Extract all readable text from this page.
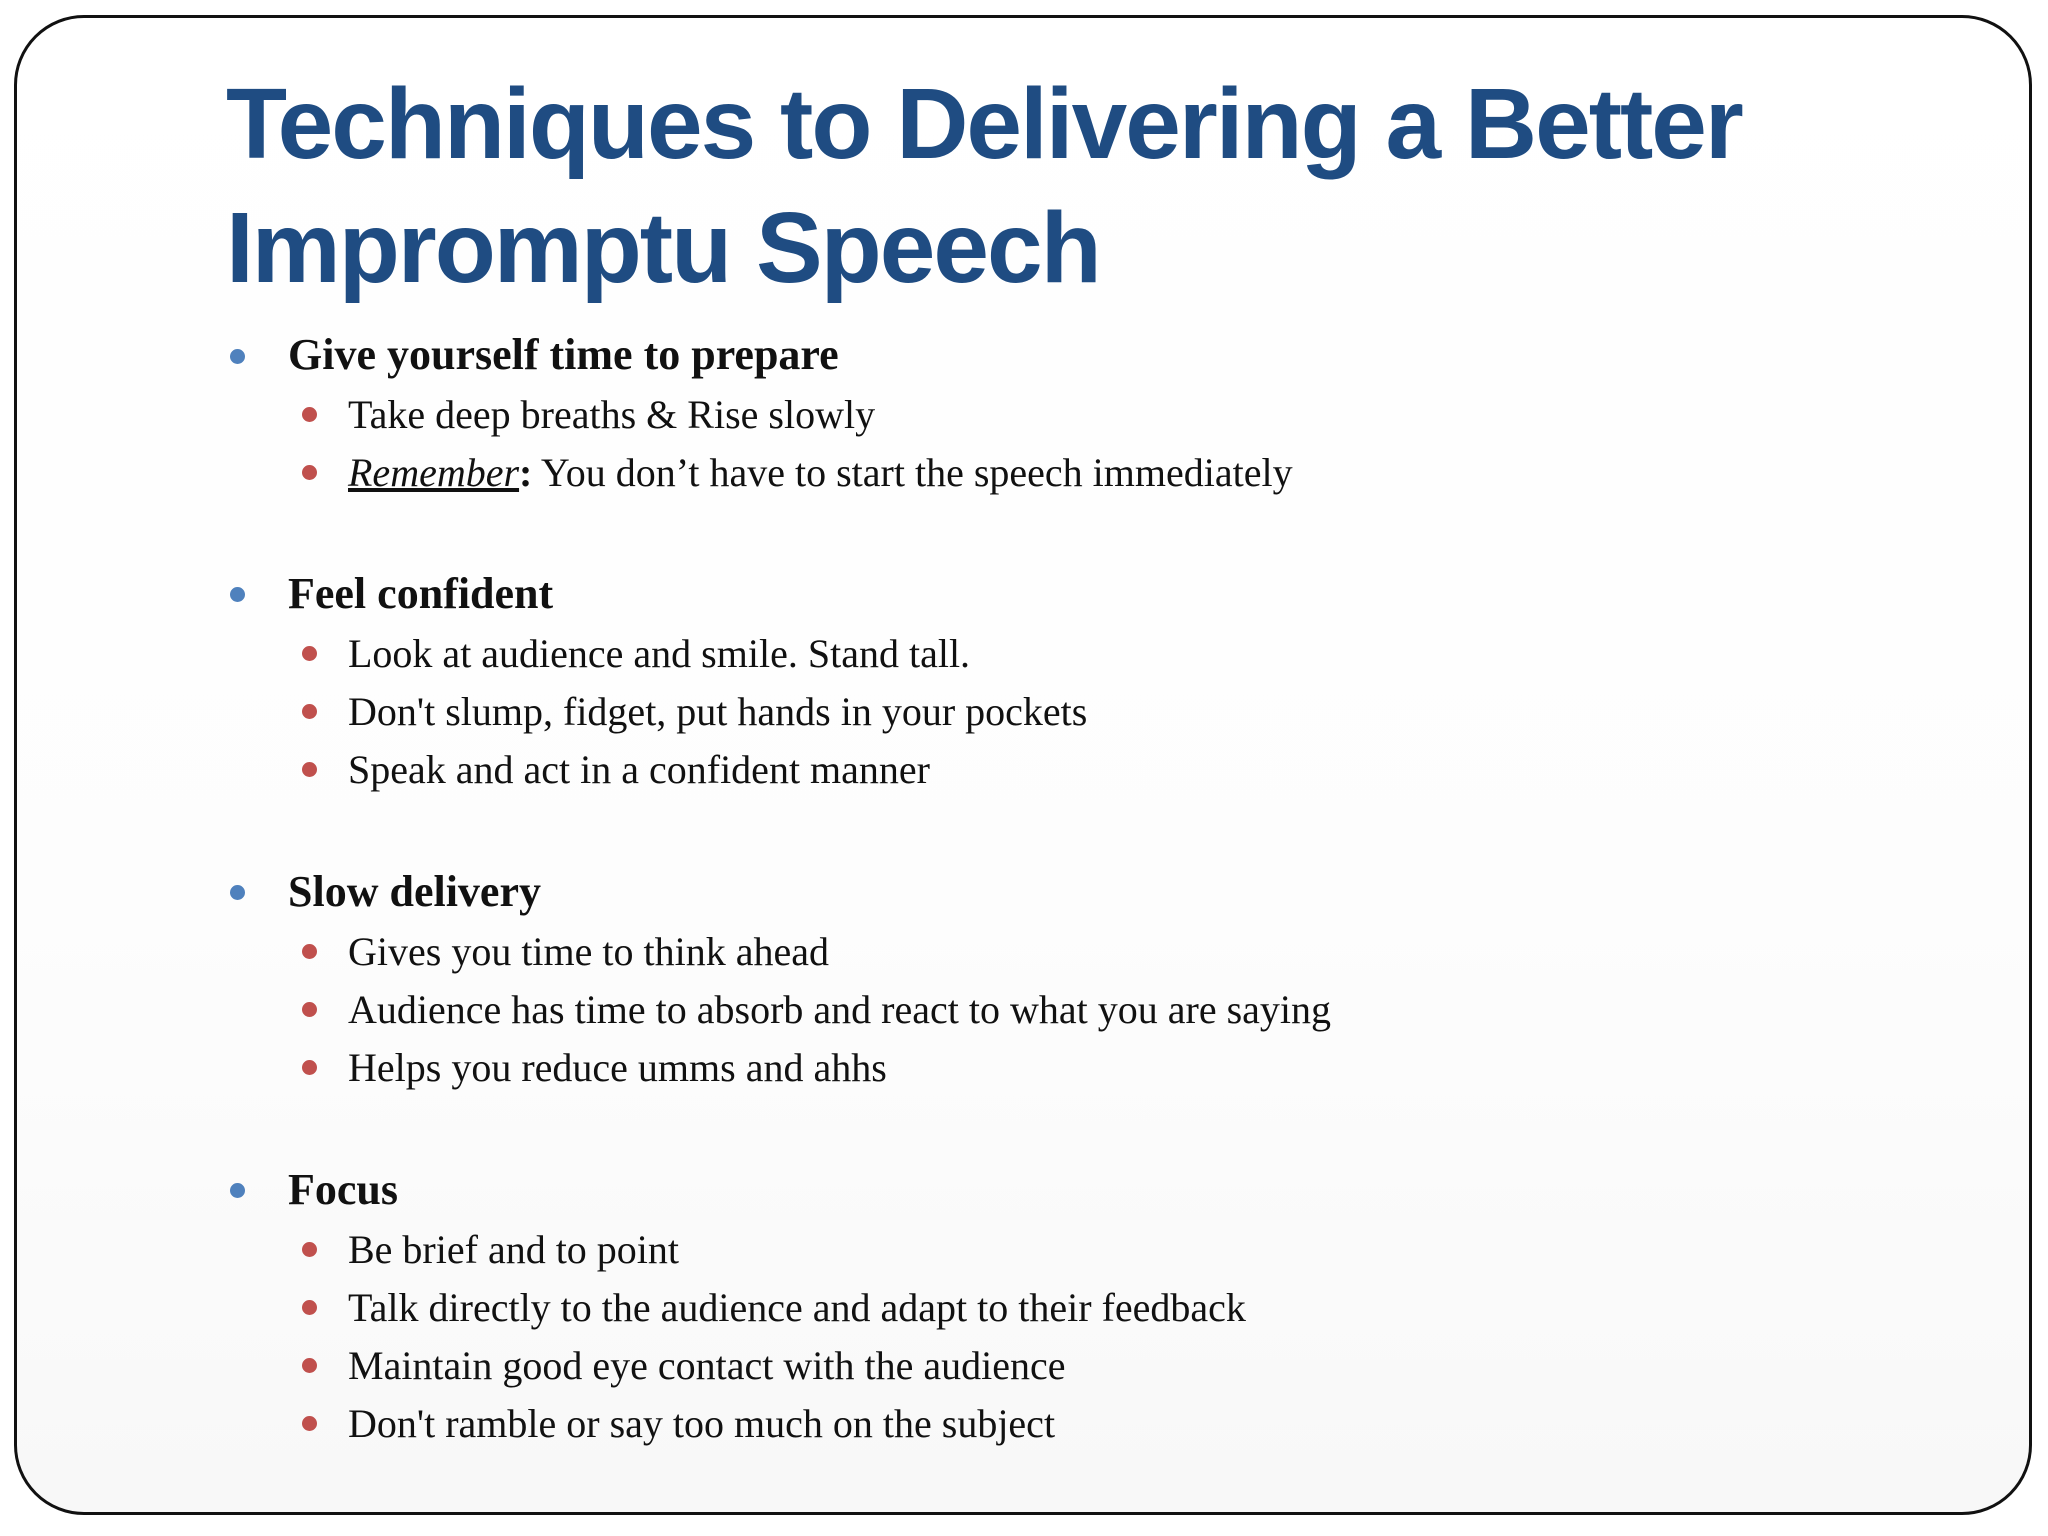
Techniques to Delivering a Better
Impromptu Speech
Give yourself time to prepare
Take deep breaths & Rise slowly
Remember: You don’t have to start the speech immediately
Feel confident
Look at audience and smile. Stand tall.
Don't slump, fidget, put hands in your pockets
Speak and act in a confident manner
Slow delivery
Gives you time to think ahead
Audience has time to absorb and react to what you are saying
Helps you reduce umms and ahhs
Focus
Be brief and to point
Talk directly to the audience and adapt to their feedback
Maintain good eye contact with the audience
Don't ramble or say too much on the subject
